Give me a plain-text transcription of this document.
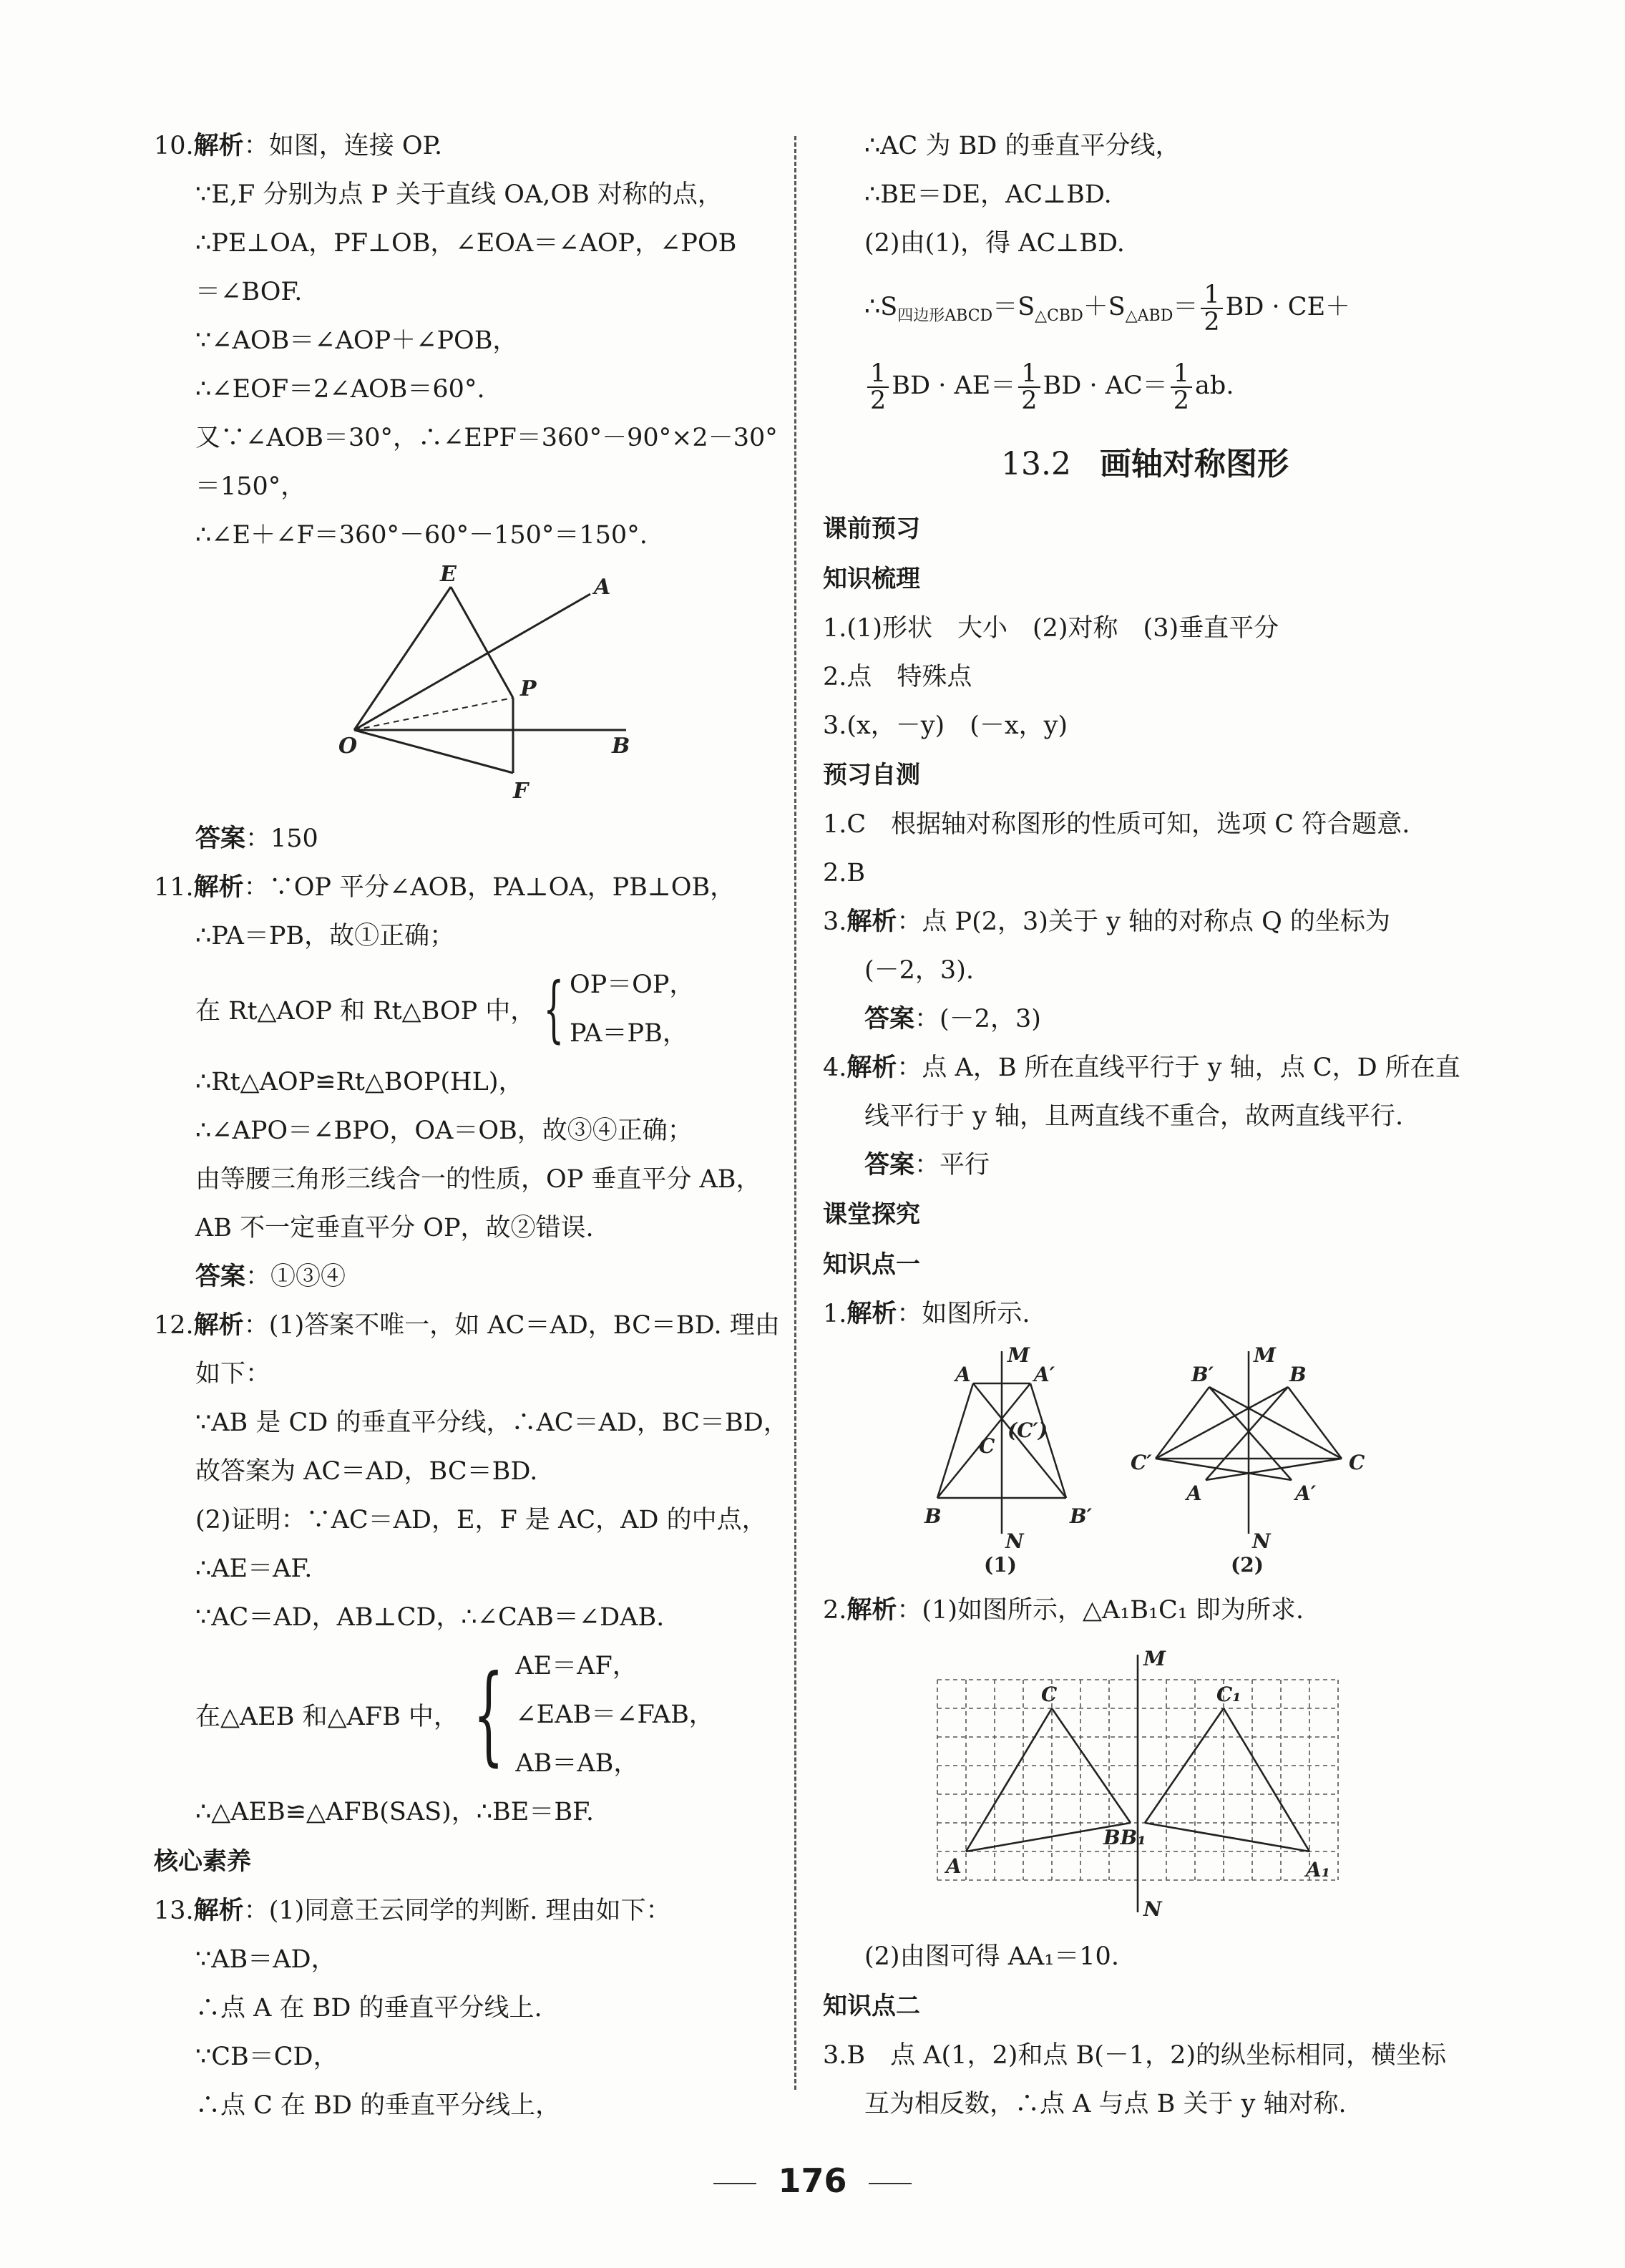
10.解析：如图，连接 OP.
∵E,F 分别为点 P 关于直线 OA,OB 对称的点，
∴PE⊥OA，PF⊥OB，∠EOA＝∠AOP，∠POB
＝∠BOF.
∵∠AOB＝∠AOP＋∠POB，
∴∠EOF＝2∠AOB＝60°.
又∵∠AOB＝30°，∴∠EPF＝360°－90°×2－30°
＝150°，
∴∠E＋∠F＝360°－60°－150°＝150°.
E
A
P
O	B
F
答案：150
11.解析：∵OP 平分∠AOB，PA⊥OA，PB⊥OB，
∴PA＝PB，故①正确；
在 Rt△AOP 和 Rt△BOP 中， { OP＝OP，
PA＝PB，
∴Rt△AOP≌Rt△BOP(HL)，
∴∠APO＝∠BPO，OA＝OB，故③④正确；
由等腰三角形三线合一的性质，OP 垂直平分 AB，
AB 不一定垂直平分 OP，故②错误.
答案：①③④
12.解析：(1)答案不唯一，如 AC＝AD，BC＝BD. 理由
如下：
∵AB 是 CD 的垂直平分线，∴AC＝AD，BC＝BD，
故答案为 AC＝AD，BC＝BD.
(2)证明：∵AC＝AD，E，F 是 AC，AD 的中点，
∴AE＝AF.
∵AC＝AD，AB⊥CD，∴∠CAB＝∠DAB.
在△AEB 和△AFB 中， { AE＝AF，
∠EAB＝∠FAB，
AB＝AB，
∴△AEB≌△AFB(SAS)，∴BE＝BF.
核心素养
13.解析：(1)同意王云同学的判断. 理由如下：
∵AB＝AD，
∴点 A 在 BD 的垂直平分线上.
∵CB＝CD，
∴点 C 在 BD 的垂直平分线上，
∴AC 为 BD 的垂直平分线，
∴BE＝DE，AC⊥BD.
(2)由(1)，得 AC⊥BD.
$\therefore S_{四边形ABCD}=S_{\triangle CBD}+S_{\triangle ABD}= \frac{1}{2}$ BD · CE＋
$\frac{1}{2}$ BD · $AE= \frac{1}{2}$ BD · $AC= \frac{1}{2}$ ab.
13.2 画轴对称图形
课前预习
知识梳理
1.(1)形状　大小　(2)对称　(3)垂直平分
2.点　特殊点
3.(x，－y)　(－x，y)
预习自测
1.C　根据轴对称图形的性质可知，选项 C 符合题意.
2.B
3.解析：点 P(2，3)关于 y 轴的对称点 Q 的坐标为
(－2，3).
答案：(－2，3)
4.解析：点 A，B 所在直线平行于 y 轴，点 C，D 所在直
线平行于 y 轴，且两直线不重合，故两直线平行.
答案：平行
课堂探究
知识点一
1.解析：如图所示.
M
A	A′
(C′)
C
B	B′
N
(1)
M
B′	B
C′	C
A	A′
N
(2)
2.解析：(1)如图所示，△A₁B₁C₁ 即为所求.
M
C	C₁
BB₁
A	A₁
N
(2)由图可得 AA₁＝10.
知识点二
3.B　点 A(1，2)和点 B(－1，2)的纵坐标相同，横坐标
互为相反数，∴点 A 与点 B 关于 y 轴对称.
176
